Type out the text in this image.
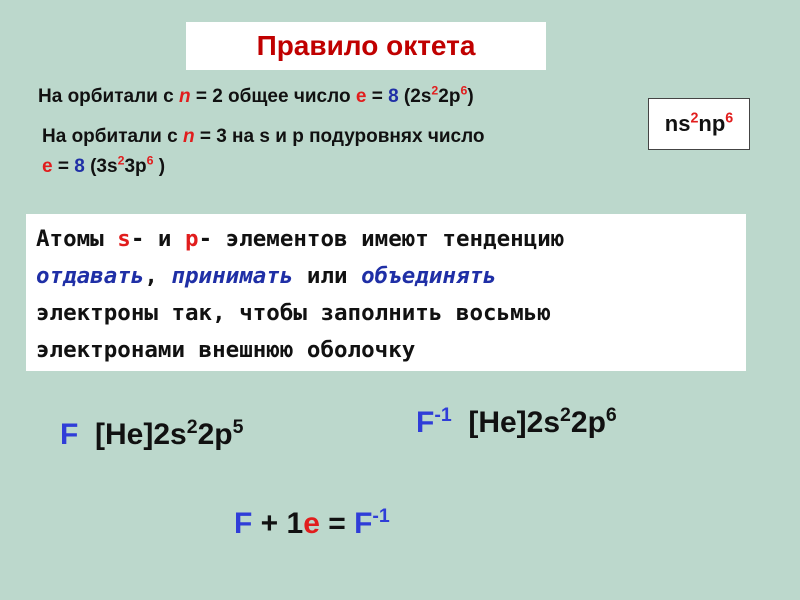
Правило октета
На орбитали с n = 2 общее число е = 8 $(2s^22p^6)$
На орбитали с n = 3 на s и p подуровнях число
е = 8 ($3s^23p^6$ )
$ns^2np^6$
Атомы s- и р- элементов имеют тенденцию
отдавать, принимать или объединять
электроны так, чтобы заполнить восьмью
электронами внешнюю оболочку
F $[He]2s^22p^5$	$F^{-1}$ $[He]2s^22p^6$
$F + 1е = F^{-1}$
